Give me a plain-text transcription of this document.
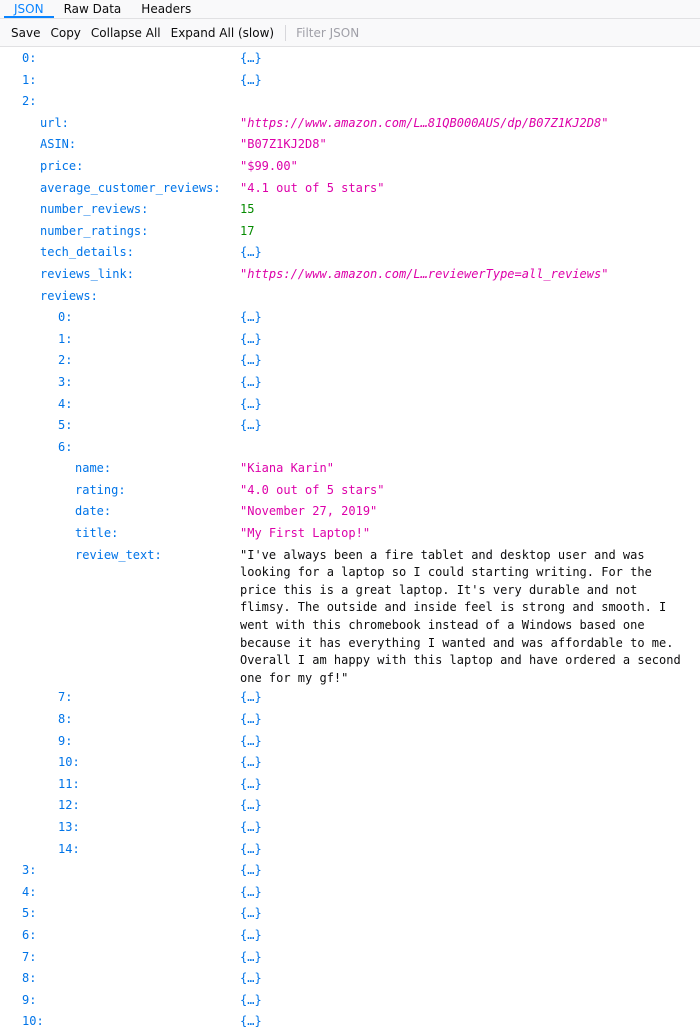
JSON	Raw Data	Headers
Save Copy Collapse All Expand All (slow)
Filter JSON
0:	{…}
1:	{…}
2:
url:	"https://www.amazon.com/L…81QB000AUS/dp/B07Z1KJ2D8"
ASIN:	"B07Z1KJ2D8"
price:	"$99.00"
average_customer_reviews:	"4.1 out of 5 stars"
number_reviews:	15
number_ratings:	17
tech_details:	{…}
reviews_link:	"https://www.amazon.com/L…reviewerType=all_reviews"
reviews:
0:	{…}
1:	{…}
2:	{…}
3:	{…}
4:	{…}
5:	{…}
6:
name:	"Kiana Karin"
rating:	"4.0 out of 5 stars"
date:	"November 27, 2019"
title:	"My First Laptop!"
review_text:	"I've always been a fire tablet and desktop user and was looking for a laptop so I could starting writing. For the price this is a great laptop. It's very durable and not flimsy. The outside and inside feel is strong and smooth. I went with this chromebook instead of a Windows based one because it has everything I wanted and was affordable to me. Overall I am happy with this laptop and have ordered a second one for my gf!"
7:	{…}
8:	{…}
9:	{…}
10:	{…}
11:	{…}
12:	{…}
13:	{…}
14:	{…}
3:	{…}
4:	{…}
5:	{…}
6:	{…}
7:	{…}
8:	{…}
9:	{…}
10:	{…}
